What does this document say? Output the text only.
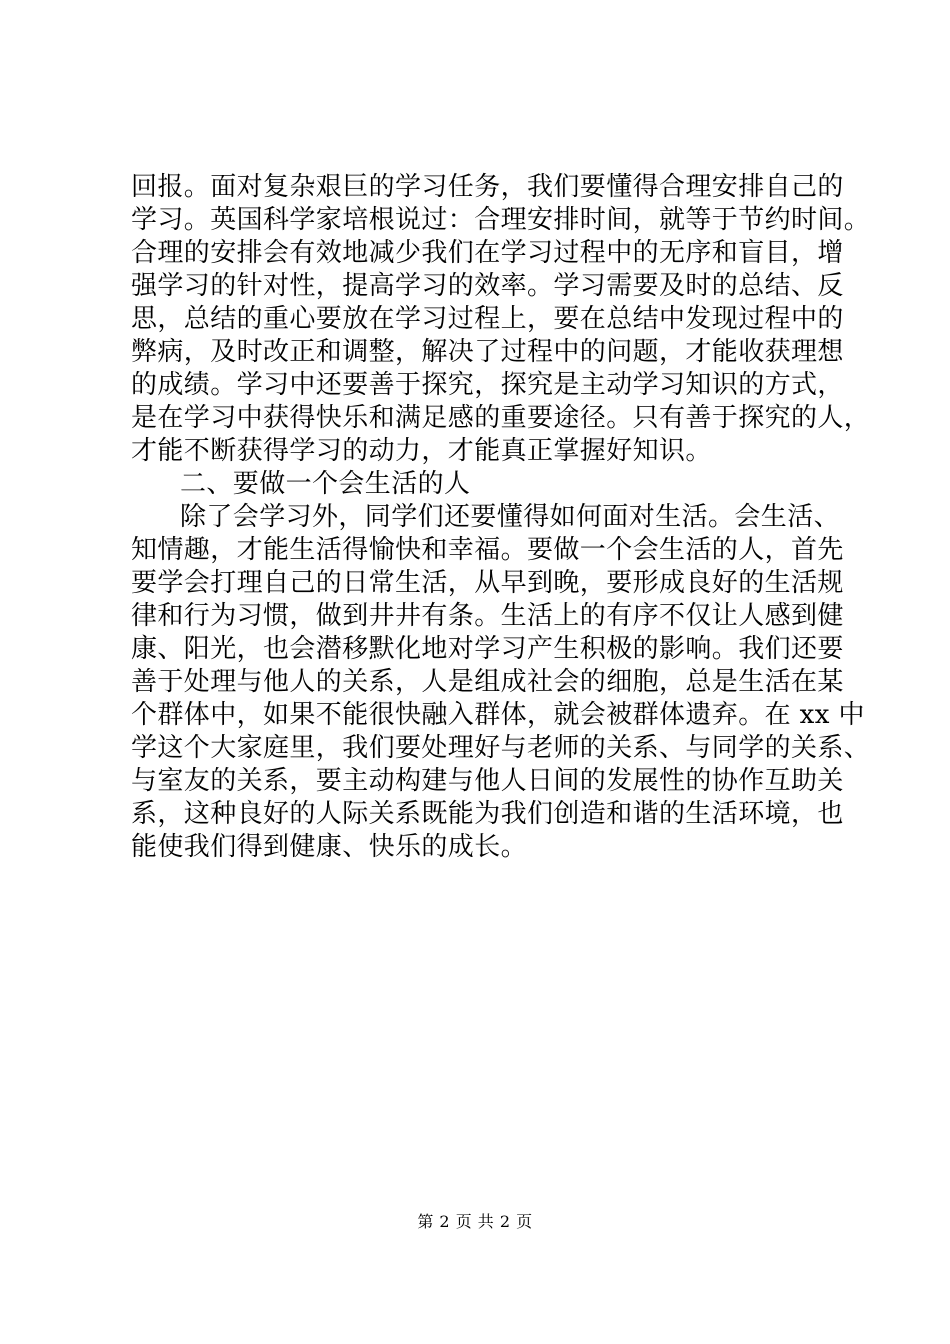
回报。面对复杂艰巨的学习任务，我们要懂得合理安排自己的
学习。英国科学家培根说过：合理安排时间，就等于节约时间。
合理的安排会有效地减少我们在学习过程中的无序和盲目，增
强学习的针对性，提高学习的效率。学习需要及时的总结、反
思，总结的重心要放在学习过程上，要在总结中发现过程中的
弊病，及时改正和调整，解决了过程中的问题，才能收获理想
的成绩。学习中还要善于探究，探究是主动学习知识的方式，
是在学习中获得快乐和满足感的重要途径。只有善于探究的人，
才能不断获得学习的动力，才能真正掌握好知识。
二、要做一个会生活的人
除了会学习外，同学们还要懂得如何面对生活。会生活、
知情趣，才能生活得愉快和幸福。要做一个会生活的人，首先
要学会打理自己的日常生活，从早到晚，要形成良好的生活规
律和行为习惯，做到井井有条。生活上的有序不仅让人感到健
康、阳光，也会潜移默化地对学习产生积极的影响。我们还要
善于处理与他人的关系，人是组成社会的细胞，总是生活在某
个群体中，如果不能很快融入群体，就会被群体遗弃。在 xx 中
学这个大家庭里，我们要处理好与老师的关系、与同学的关系、
与室友的关系，要主动构建与他人日间的发展性的协作互助关
系，这种良好的人际关系既能为我们创造和谐的生活环境，也
能使我们得到健康、快乐的成长。
第 2 页 共 2 页
